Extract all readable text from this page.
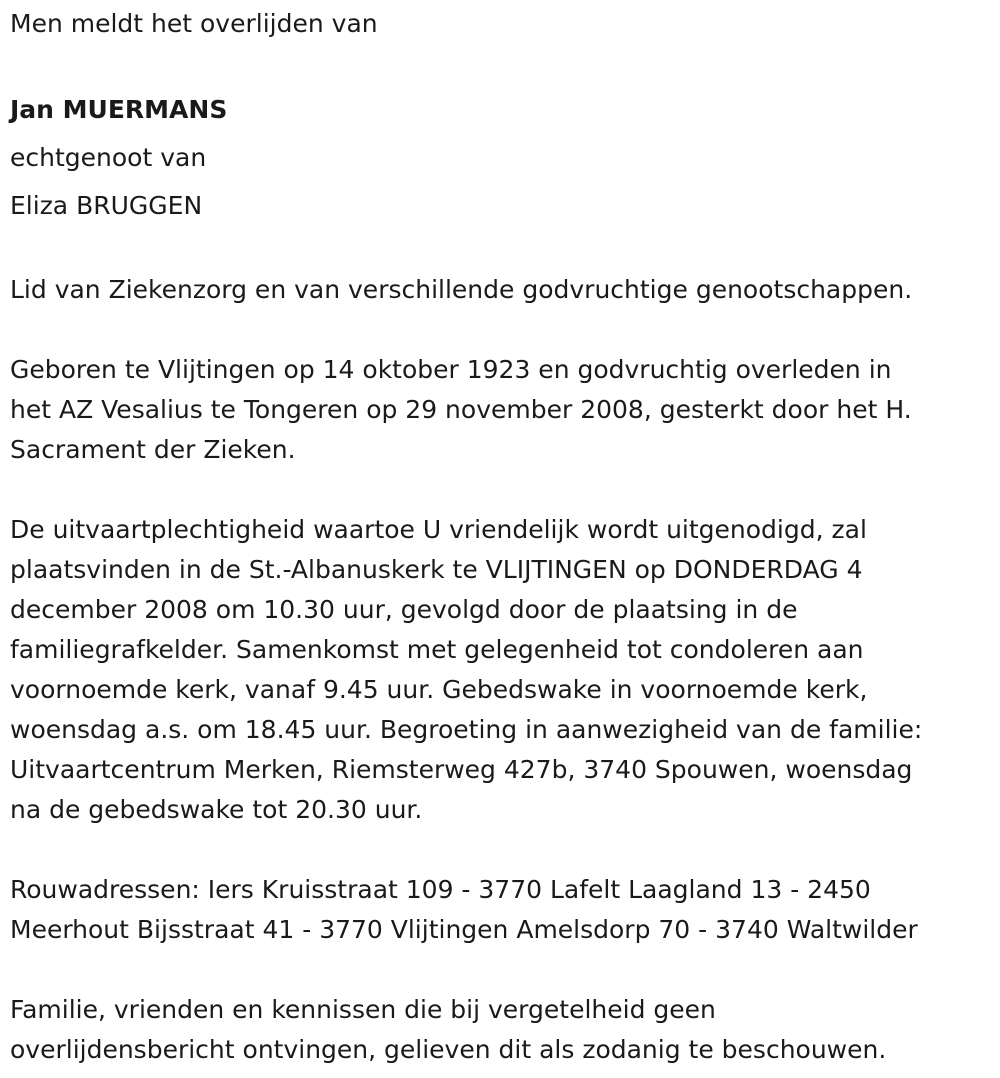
Men meldt het overlijden van
Jan MUERMANS
echtgenoot van
Eliza BRUGGEN
Lid van Ziekenzorg en van verschillende godvruchtige genootschappen.

Geboren te Vlijtingen op 14 oktober 1923 en godvruchtig overleden in
het AZ Vesalius te Tongeren op 29 november 2008, gesterkt door het H.
Sacrament der Zieken.

De uitvaartplechtigheid waartoe U vriendelijk wordt uitgenodigd, zal
plaatsvinden in de St.-Albanuskerk te VLIJTINGEN op DONDERDAG 4
december 2008 om 10.30 uur, gevolgd door de plaatsing in de
familiegrafkelder. Samenkomst met gelegenheid tot condoleren aan
voornoemde kerk, vanaf 9.45 uur. Gebedswake in voornoemde kerk,
woensdag a.s. om 18.45 uur. Begroeting in aanwezigheid van de familie:
Uitvaartcentrum Merken, Riemsterweg 427b, 3740 Spouwen, woensdag
na de gebedswake tot 20.30 uur.

Rouwadressen: Iers Kruisstraat 109 - 3770 Lafelt Laagland 13 - 2450
Meerhout Bijsstraat 41 - 3770 Vlijtingen Amelsdorp 70 - 3740 Waltwilder

Familie, vrienden en kennissen die bij vergetelheid geen
overlijdensbericht ontvingen, gelieven dit als zodanig te beschouwen.
